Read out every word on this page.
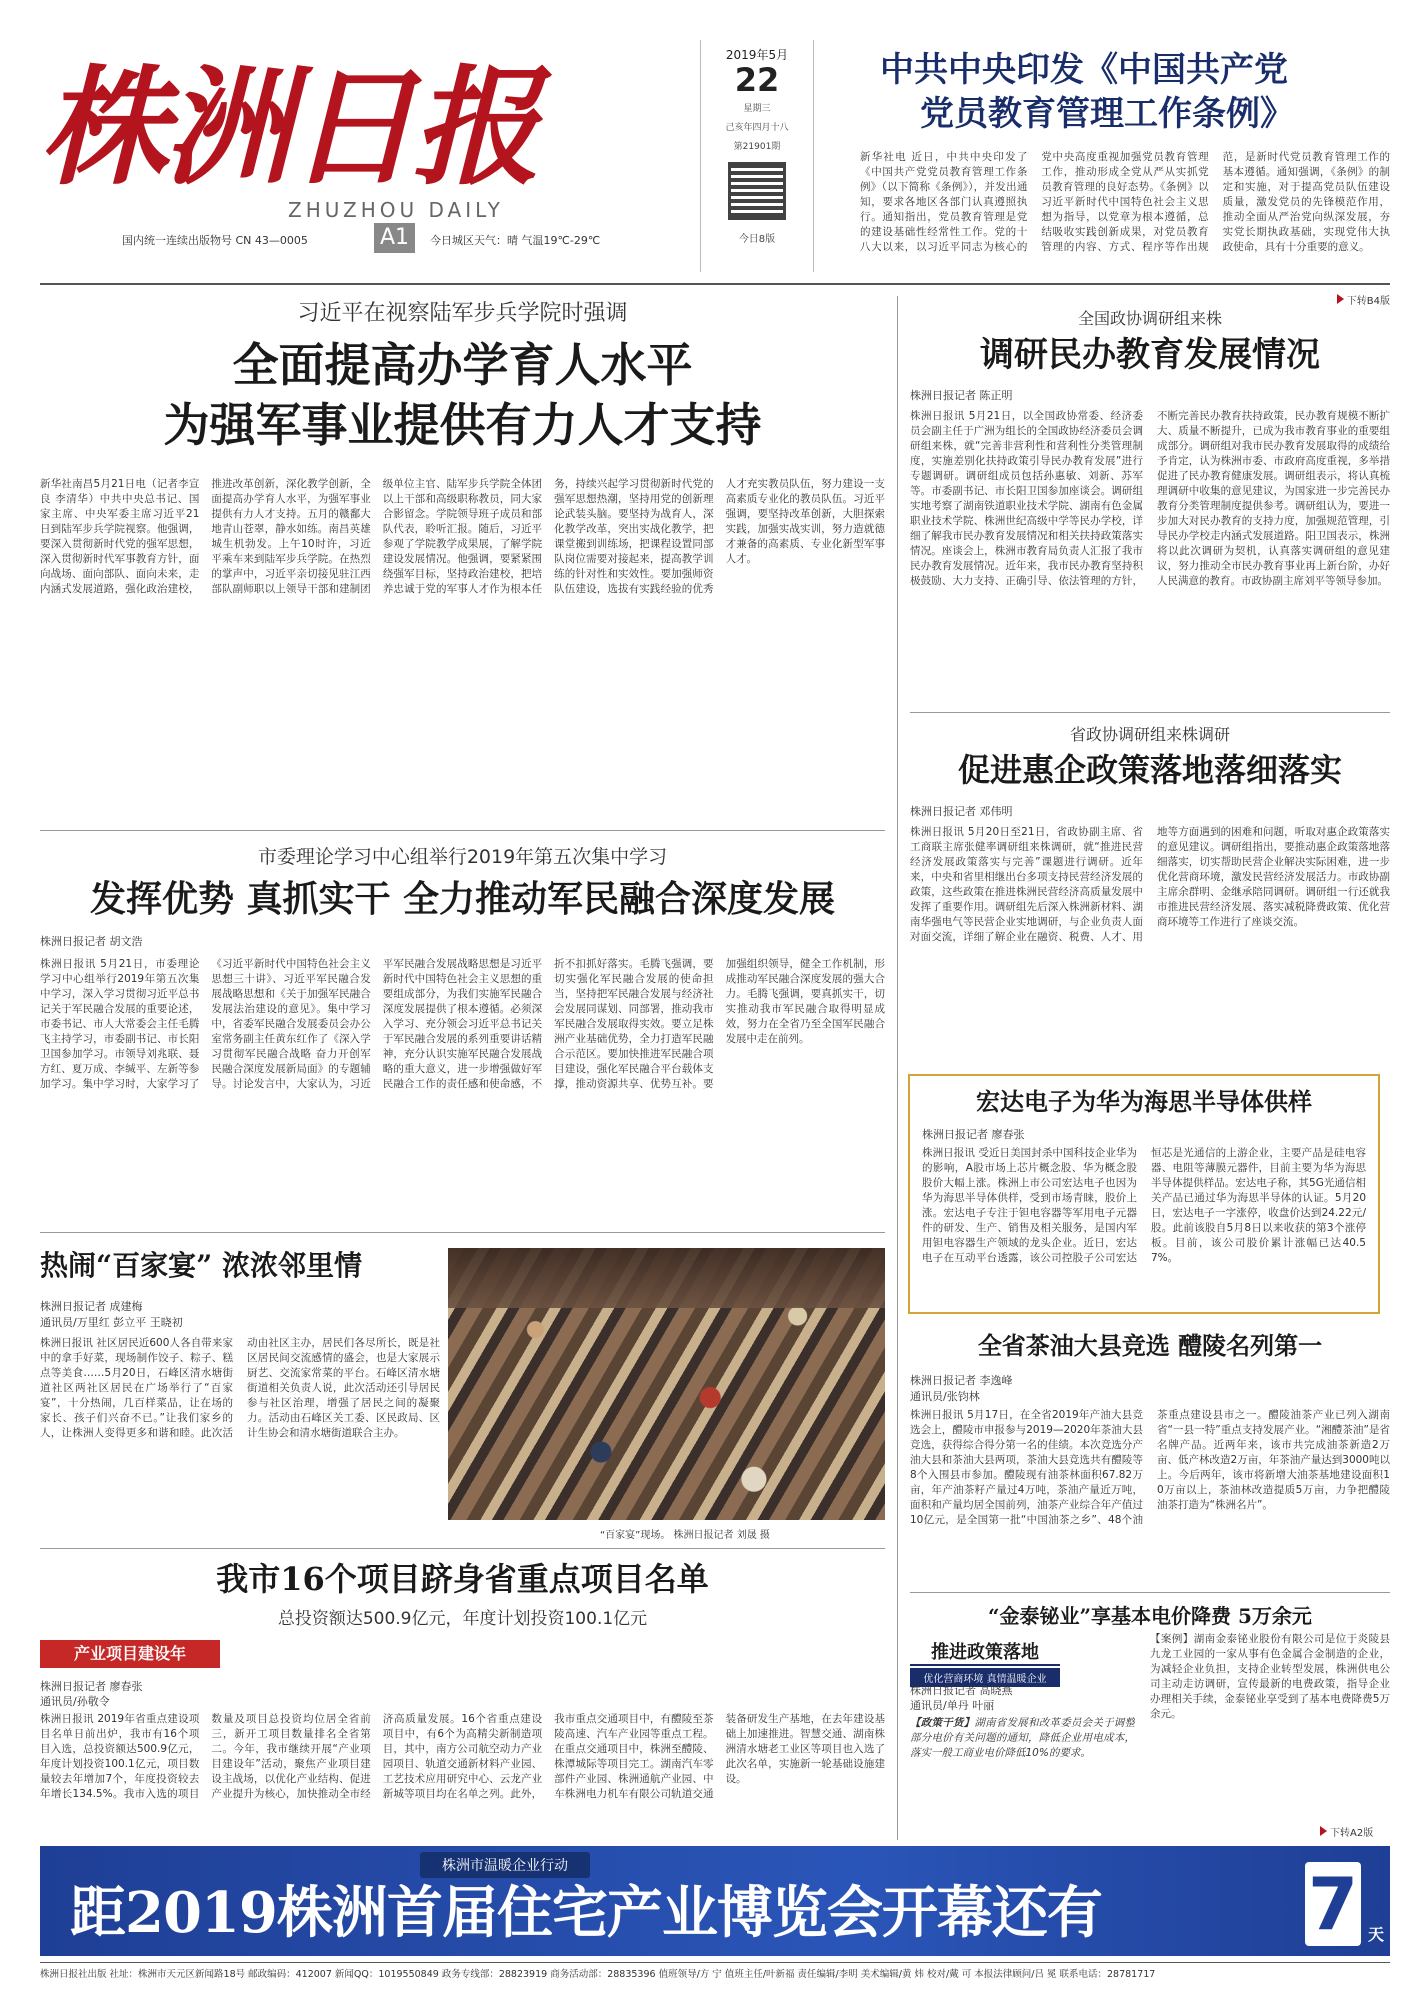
株洲日报
ZHUZHOU DAILY
国内统一连续出版物号 CN 43—0005	A1	今日城区天气：晴 气温19℃-29℃
2019年5月
22
星期三
己亥年四月十八
第21901期
今日8版
中共中央印发《中国共产党
党员教育管理工作条例》
新华社电 近日，中共中央印发了《中国共产党党员教育管理工作条例》（以下简称《条例》），并发出通知，要求各地区各部门认真遵照执行。通知指出，党员教育管理是党的建设基础性经常性工作。党的十八大以来，以习近平同志为核心的党中央高度重视加强党员教育管理工作，推动形成全党从严从实抓党员教育管理的良好态势。《条例》以习近平新时代中国特色社会主义思想为指导，以党章为根本遵循，总结吸收实践创新成果，对党员教育管理的内容、方式、程序等作出规范，是新时代党员教育管理工作的基本遵循。通知强调，《条例》的制定和实施，对于提高党员队伍建设质量，激发党员的先锋模范作用，推动全面从严治党向纵深发展，夯实党长期执政基础，实现党伟大执政使命，具有十分重要的意义。
下转B4版
习近平在视察陆军步兵学院时强调
全面提高办学育人水平
为强军事业提供有力人才支持
新华社南昌5月21日电（记者李宣良 李清华）中共中央总书记、国家主席、中央军委主席习近平21日到陆军步兵学院视察。他强调，要深入贯彻新时代党的强军思想，深入贯彻新时代军事教育方针，面向战场、面向部队、面向未来，走内涵式发展道路，强化政治建校，推进改革创新，深化教学创新，全面提高办学育人水平，为强军事业提供有力人才支持。五月的赣鄱大地青山苍翠，静水如练。南昌英雄城生机勃发。上午10时许，习近平乘车来到陆军步兵学院。在热烈的掌声中，习近平亲切接见驻江西部队副师职以上领导干部和建制团级单位主官、陆军步兵学院全体团以上干部和高级职称教员，同大家合影留念。学院领导班子成员和部队代表，聆听汇报。随后，习近平参观了学院教学成果展，了解学院建设发展情况。他强调，要紧紧围绕强军目标，坚持政治建校，把培养忠诚于党的军事人才作为根本任务，持续兴起学习贯彻新时代党的强军思想热潮，坚持用党的创新理论武装头脑。要坚持为战育人，深化教学改革，突出实战化教学，把课堂搬到训练场，把课程设置同部队岗位需要对接起来，提高教学训练的针对性和实效性。要加强师资队伍建设，选拔有实践经验的优秀人才充实教员队伍，努力建设一支高素质专业化的教员队伍。习近平强调，要坚持改革创新，大胆探索实践，加强实战实训，努力造就德才兼备的高素质、专业化新型军事人才。
市委理论学习中心组举行2019年第五次集中学习
发挥优势 真抓实干 全力推动军民融合深度发展
株洲日报记者 胡文浩
株洲日报讯 5月21日，市委理论学习中心组举行2019年第五次集中学习，深入学习贯彻习近平总书记关于军民融合发展的重要论述，市委书记、市人大常委会主任毛腾飞主持学习，市委副书记、市长阳卫国参加学习。市领导刘兆联、聂方红、夏万成、李缄平、左新等参加学习。集中学习时，大家学习了《习近平新时代中国特色社会主义思想三十讲》、习近平军民融合发展战略思想和《关于加强军民融合发展法治建设的意见》。集中学习中，省委军民融合发展委员会办公室常务副主任黄东红作了《深入学习贯彻军民融合战略 奋力开创军民融合深度发展新局面》的专题辅导。讨论发言中，大家认为，习近平军民融合发展战略思想是习近平新时代中国特色社会主义思想的重要组成部分，为我们实施军民融合深度发展提供了根本遵循。必须深入学习、充分领会习近平总书记关于军民融合发展的系列重要讲话精神，充分认识实施军民融合发展战略的重大意义，进一步增强做好军民融合工作的责任感和使命感，不折不扣抓好落实。毛腾飞强调，要切实强化军民融合发展的使命担当，坚持把军民融合发展与经济社会发展同谋划、同部署，推动我市军民融合发展取得实效。要立足株洲产业基础优势，全力打造军民融合示范区。要加快推进军民融合项目建设，强化军民融合平台载体支撑，推动资源共享、优势互补。要加强组织领导，健全工作机制，形成推动军民融合深度发展的强大合力。毛腾飞强调，要真抓实干，切实推动我市军民融合取得明显成效，努力在全省乃至全国军民融合发展中走在前列。
热闹“百家宴” 浓浓邻里情
株洲日报记者 成建梅
通讯员/万里红 彭立平 王晓初
株洲日报讯 社区居民近600人各自带来家中的拿手好菜，现场制作饺子、粽子、糕点等美食……5月20日，石峰区清水塘街道社区两社区居民在广场举行了“百家宴”，十分热闹，几百样菜品，让在场的家长、孩子们兴奋不已。”让我们家乡的人，让株洲人变得更多和谐和睦。此次活动由社区主办，居民们各尽所长，既是社区居民间交流感情的盛会，也是大家展示厨艺、交流家常菜的平台。石峰区清水塘街道相关负责人说，此次活动还引导居民参与社区治理，增强了居民之间的凝聚力。活动由石峰区关工委、区民政局、区计生协会和清水塘街道联合主办。
“百家宴”现场。 株洲日报记者 刘晟 摄
我市16个项目跻身省重点项目名单
总投资额达500.9亿元，年度计划投资100.1亿元
产业项目建设年
株洲日报记者 廖春张
通讯员/孙敬令
株洲日报讯 2019年省重点建设项目名单日前出炉，我市有16个项目入选，总投资额达500.9亿元，年度计划投资100.1亿元，项目数量较去年增加7个，年度投资较去年增长134.5%。我市入选的项目数量及项目总投资均位居全省前三，新开工项目数量排名全省第二。今年，我市继续开展“产业项目建设年”活动，聚焦产业项目建设主战场，以优化产业结构、促进产业提升为核心，加快推动全市经济高质量发展。16个省重点建设项目中，有6个为高精尖新制造项目，其中，南方公司航空动力产业园项目、轨道交通新材料产业园、工艺技术应用研究中心、云龙产业新城等项目均在名单之列。此外，我市重点交通项目中，有醴陵至茶陵高速、汽车产业园等重点工程。在重点交通项目中，株洲至醴陵、株潭城际等项目完工。湖南汽车零部件产业园、株洲通航产业园、中车株洲电力机车有限公司轨道交通装备研发生产基地，在去年建设基础上加速推进。智慧交通、湖南株洲清水塘老工业区等项目也入选了此次名单，实施新一轮基础设施建设。
全国政协调研组来株
调研民办教育发展情况
株洲日报记者 陈正明
株洲日报讯 5月21日，以全国政协常委、经济委员会副主任于广洲为组长的全国政协经济委员会调研组来株，就“完善非营利性和营利性分类管理制度，实施差别化扶持政策引导民办教育发展”进行专题调研。调研组成员包括孙惠敏、刘新、苏军等。市委副书记、市长阳卫国参加座谈会。调研组实地考察了湖南铁道职业技术学院、湖南有色金属职业技术学院、株洲世纪高级中学等民办学校，详细了解我市民办教育发展情况和相关扶持政策落实情况。座谈会上，株洲市教育局负责人汇报了我市民办教育发展情况。近年来，我市民办教育坚持积极鼓励、大力支持、正确引导、依法管理的方针，不断完善民办教育扶持政策，民办教育规模不断扩大、质量不断提升，已成为我市教育事业的重要组成部分。调研组对我市民办教育发展取得的成绩给予肯定，认为株洲市委、市政府高度重视，多举措促进了民办教育健康发展。调研组表示，将认真梳理调研中收集的意见建议，为国家进一步完善民办教育分类管理制度提供参考。调研组认为，要进一步加大对民办教育的支持力度，加强规范管理，引导民办学校走内涵式发展道路。阳卫国表示，株洲将以此次调研为契机，认真落实调研组的意见建议，努力推动全市民办教育事业再上新台阶，办好人民满意的教育。市政协副主席刘平等领导参加。
省政协调研组来株调研
促进惠企政策落地落细落实
株洲日报记者 邓伟明
株洲日报讯 5月20日至21日，省政协副主席、省工商联主席张健率调研组来株调研，就“推进民营经济发展政策落实与完善”课题进行调研。近年来，中央和省里相继出台多项支持民营经济发展的政策，这些政策在推进株洲民营经济高质量发展中发挥了重要作用。调研组先后深入株洲新材料、湖南华强电气等民营企业实地调研，与企业负责人面对面交流，详细了解企业在融资、税费、人才、用地等方面遇到的困难和问题，听取对惠企政策落实的意见建议。调研组指出，要推动惠企政策落地落细落实，切实帮助民营企业解决实际困难，进一步优化营商环境，激发民营经济发展活力。市政协副主席余群明、金继承陪同调研。调研组一行还就我市推进民营经济发展、落实减税降费政策、优化营商环境等工作进行了座谈交流。
宏达电子为华为海思半导体供样
株洲日报记者 廖春张
株洲日报讯 受近日美国封杀中国科技企业华为的影响，A股市场上芯片概念股、华为概念股股价大幅上涨。株洲上市公司宏达电子也因为华为海思半导体供样，受到市场青睐，股价上涨。宏达电子专注于钽电容器等军用电子元器件的研发、生产、销售及相关服务，是国内军用钽电容器生产领域的龙头企业。近日，宏达电子在互动平台透露，该公司控股子公司宏达恒芯是光通信的上游企业，主要产品是硅电容器、电阻等薄膜元器件，目前主要为华为海思半导体提供样品。宏达电子称，其5G光通信相关产品已通过华为海思半导体的认证。5月20日，宏达电子一字涨停，收盘价达到24.22元/股。此前该股自5月8日以来收获的第3个涨停板。目前，该公司股价累计涨幅已达40.57%。
全省茶油大县竞选 醴陵名列第一
株洲日报记者 李逸峰
通讯员/张钧林
株洲日报讯 5月17日，在全省2019年产油大县竞选会上，醴陵市申报参与2019—2020年茶油大县竞选，获得综合得分第一名的佳绩。本次竞选分产油大县和茶油大县两项，茶油大县竞选共有醴陵等8个入围县市参加。醴陵现有油茶林面积67.82万亩，年产油茶籽产量过4万吨，茶油产量近万吨，面积和产量均居全国前列，油茶产业综合年产值过10亿元，是全国第一批“中国油茶之乡”、48个油茶重点建设县市之一。醴陵油茶产业已列入湖南省“一县一特”重点支持发展产业。“湘醴茶油”是省名牌产品。近两年来，该市共完成油茶新造2万亩、低产林改造2万亩，年茶油产量达到3000吨以上。今后两年，该市将新增大油茶基地建设面积10万亩以上，茶油林改造提质5万亩，力争把醴陵油茶打造为“株洲名片”。
“金泰铋业”享基本电价降费 5万余元
推进政策落地
优化营商环境 真情温暖企业
株洲日报记者 高晓燕
通讯员/单丹 叶丽
【政策干货】湖南省发展和改革委员会关于调整部分电价有关问题的通知，降低企业用电成本，落实一般工商业电价降低10%的要求。
【案例】湖南金泰铋业股份有限公司是位于炎陵县九龙工业园的一家从事有色金属合金制造的企业，为减轻企业负担，支持企业转型发展，株洲供电公司主动走访调研，宣传最新的电费政策，指导企业办理相关手续，金泰铋业享受到了基本电费降费5万余元。
下转A2版
株洲市温暖企业行动
距2019株洲首届住宅产业博览会开幕还有	7 天
株洲日报社出版 社址：株洲市天元区新闻路18号 邮政编码：412007 新闻QQ：1019550849 政务专线部：28823919 商务活动部：28835396 值班领导/方 宁 值班主任/叶新福 责任编辑/李明 美术编辑/黄 炜 校对/戴 可 本报法律顾问/吕 冕 联系电话：28781717
